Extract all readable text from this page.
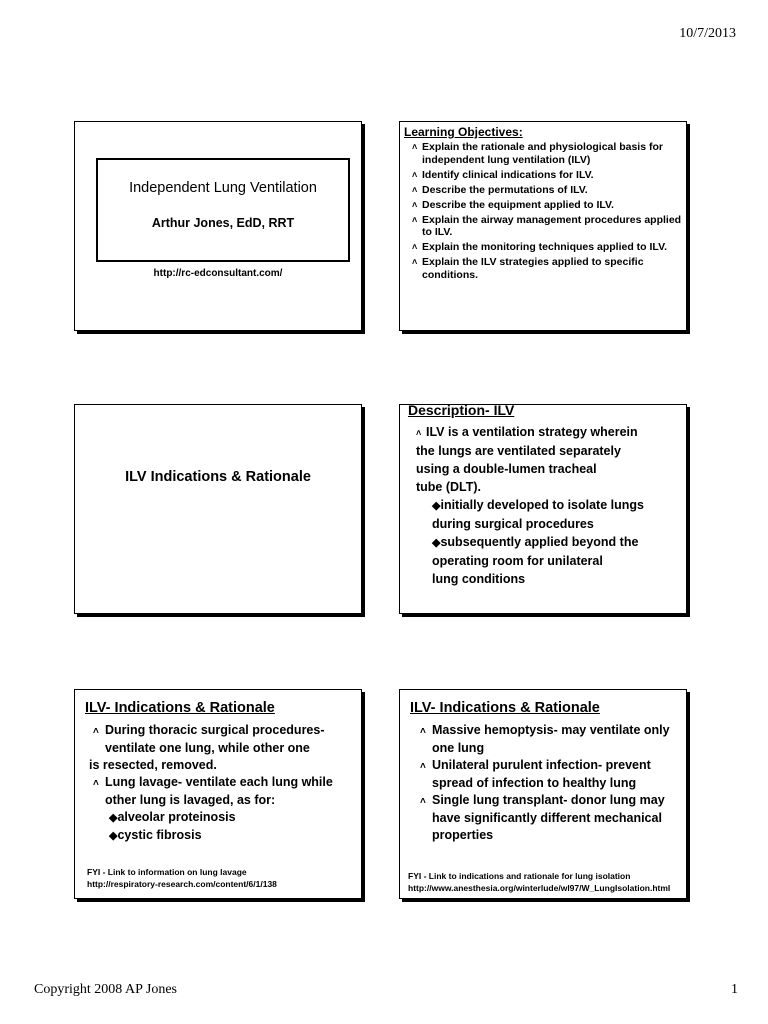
10/7/2013
Independent Lung Ventilation
Arthur Jones, EdD, RRT
http://rc-edconsultant.com/
Learning Objectives:
˄ Explain the rationale and physiological basis for independent lung ventilation (ILV)
˄ Identify clinical indications for ILV.
˄ Describe the permutations of ILV.
˄ Describe the equipment applied to ILV.
˄ Explain the airway management procedures applied to ILV.
˄ Explain the monitoring techniques applied to ILV.
˄ Explain the ILV strategies applied to specific conditions.
ILV Indications & Rationale
Description- ILV
˄ ILV is a ventilation strategy wherein
the lungs are ventilated separately
using a double-lumen tracheal
tube (DLT).
◆initially developed to isolate lungs
during surgical procedures
◆subsequently applied beyond the
operating room for unilateral
lung conditions
ILV- Indications & Rationale
˄ During thoracic surgical procedures- ventilate one lung, while other one
is resected, removed.
˄ Lung lavage- ventilate each lung while other lung is lavaged, as for:
◆alveolar proteinosis
◆cystic fibrosis
FYI - Link to information on lung lavage
http://respiratory-research.com/content/6/1/138
ILV- Indications & Rationale
˄ Massive hemoptysis- may ventilate only one lung
˄ Unilateral purulent infection- prevent spread of infection to healthy lung
˄ Single lung transplant- donor lung may have significantly different mechanical properties
FYI - Link to indications and rationale for lung isolation
http://www.anesthesia.org/winterlude/wl97/W_LungIsolation.html
Copyright 2008 AP Jones	1
